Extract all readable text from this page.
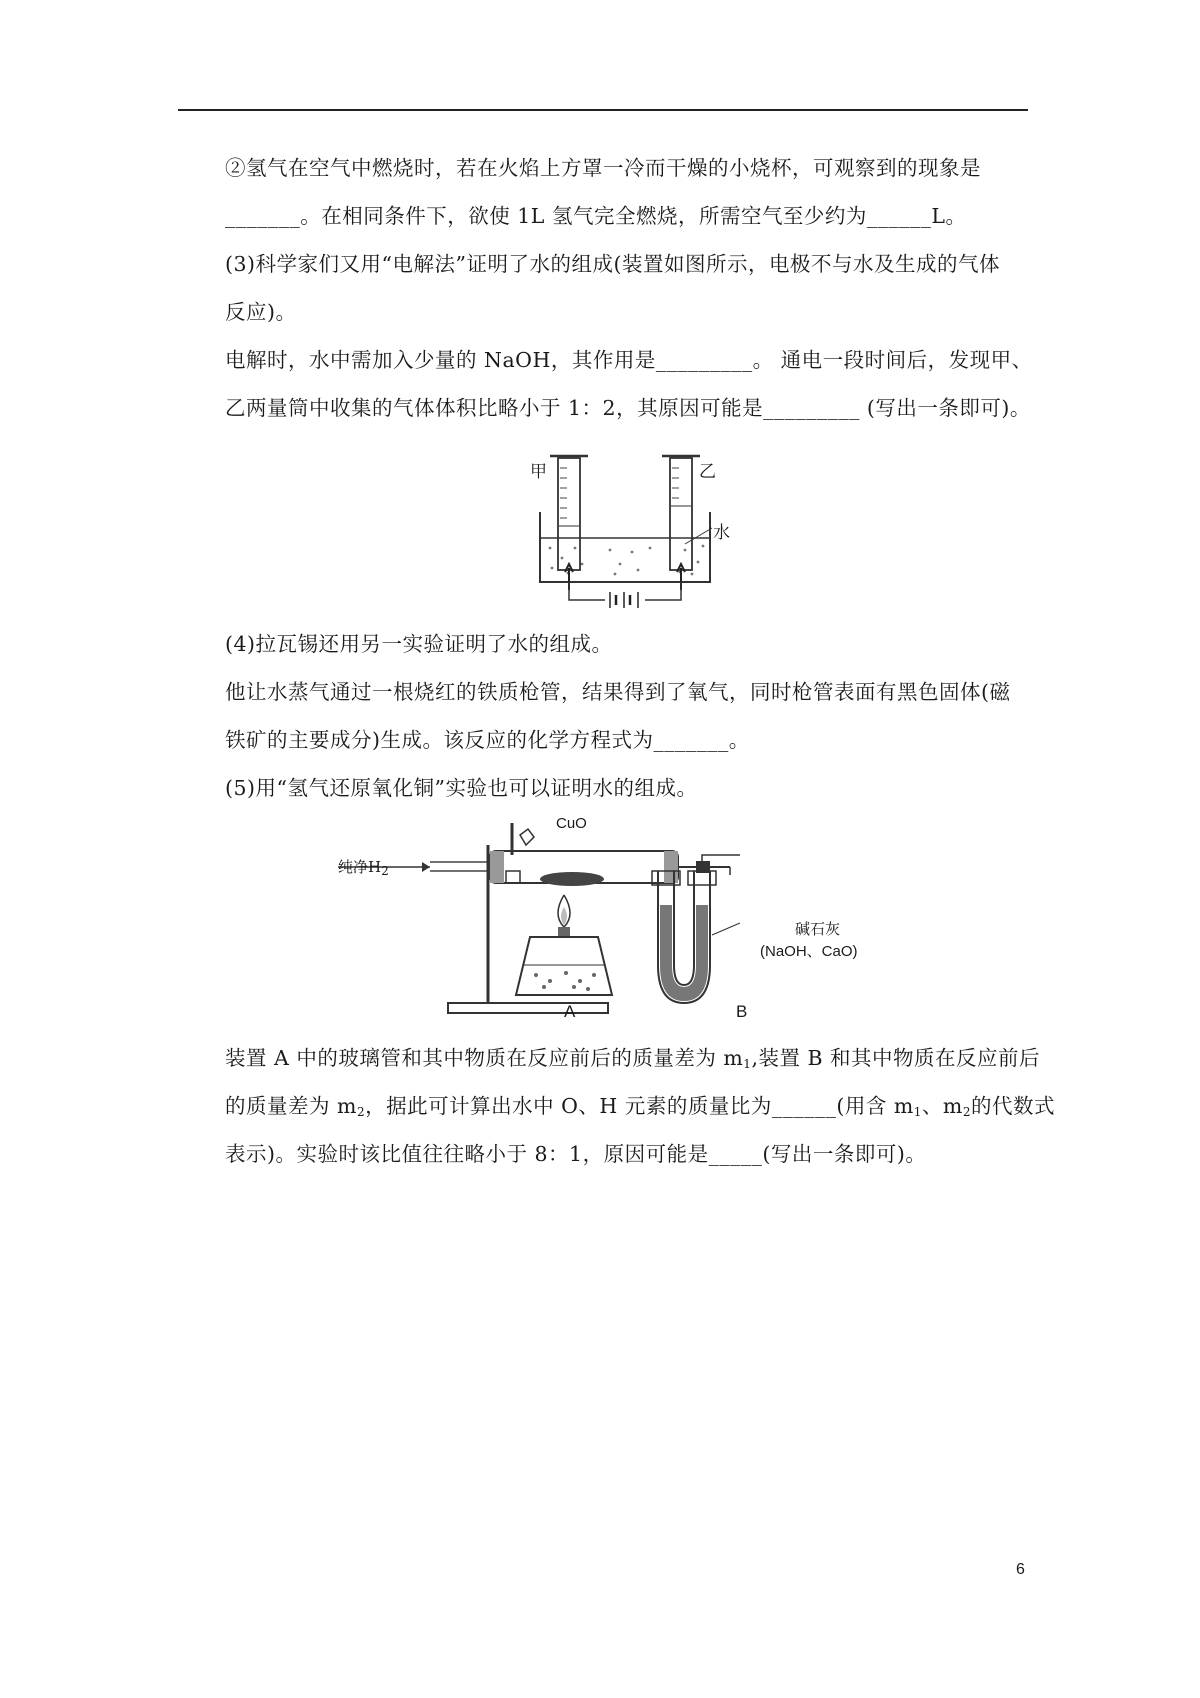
②氢气在空气中燃烧时，若在火焰上方罩一冷而干燥的小烧杯，可观察到的现象是
_______。在相同条件下，欲使 1L 氢气完全燃烧，所需空气至少约为______L。
(3)科学家们又用“电解法”证明了水的组成(装置如图所示，电极不与水及生成的气体
反应)。
电解时，水中需加入少量的 NaOH，其作用是_________。 通电一段时间后，发现甲、
乙两量筒中收集的气体体积比略小于 1：2，其原因可能是_________ (写出一条即可)。
甲	乙
水
(4)拉瓦锡还用另一实验证明了水的组成。
他让水蒸气通过一根烧红的铁质枪管，结果得到了氧气，同时枪管表面有黑色固体(磁
铁矿的主要成分)生成。该反应的化学方程式为_______。
(5)用“氢气还原氧化铜”实验也可以证明水的组成。
纯净$H_2$
CuO
碱石灰
(NaOH、CaO)
A	B
装置 A 中的玻璃管和其中物质在反应前后的质量差为 $m_1$,装置 B 和其中物质在反应前后
的质量差为 $m_2$，据此可计算出水中 O、H 元素的质量比为______(用含 $m_1$、$m_2$的代数式
表示)。实验时该比值往往略小于 8：1，原因可能是_____(写出一条即可)。
6
